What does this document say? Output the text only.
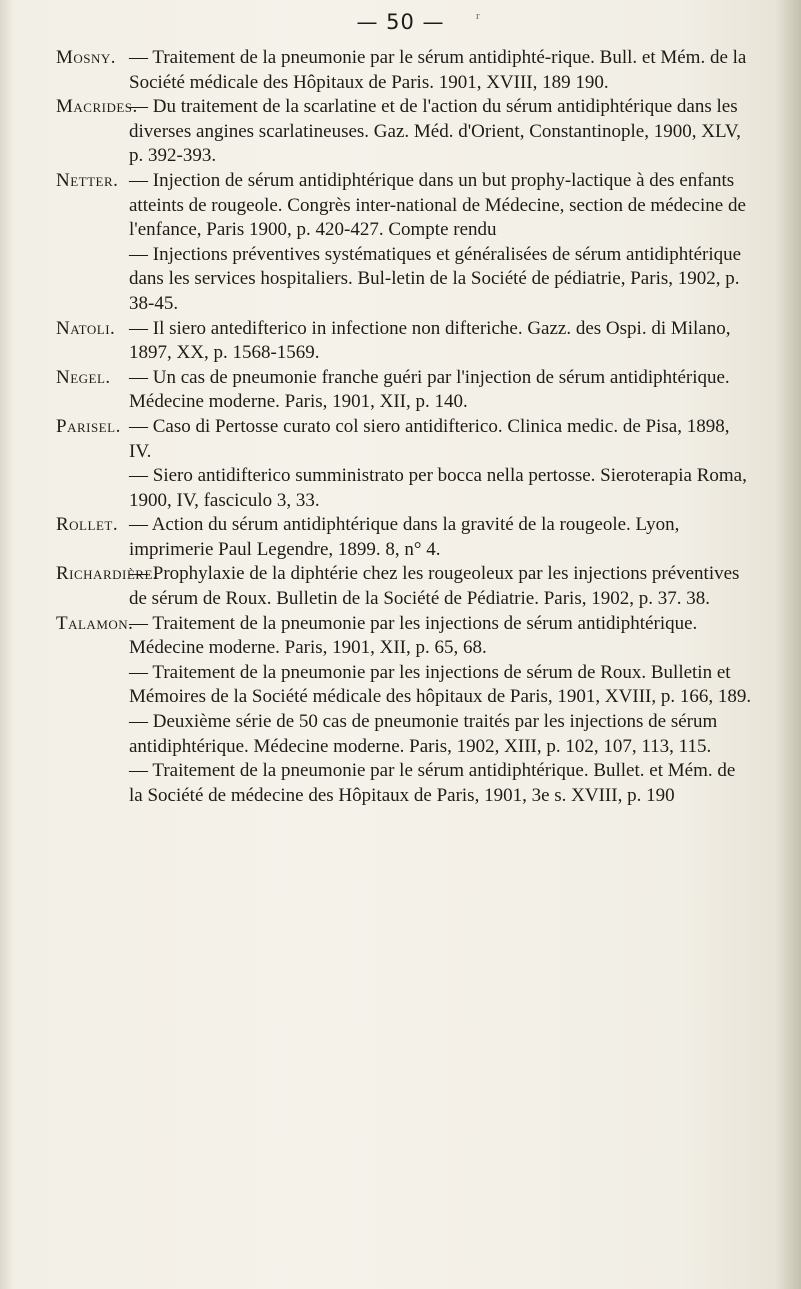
r
— 50 —

Mosny. — Traitement de la pneumonie par le sérum antidiphté-rique. Bull. et Mém. de la Société médicale des Hôpitaux de Paris. 1901, XVIII, 189 190.

Macrides.
— Du traitement de la scarlatine et de l'action du sérum antidiphtérique dans les diverses angines scarlatineuses. Gaz. Méd. d'Orient, Constantinople, 1900, XLV, p. 392-393.

Netter. — Injection de sérum antidiphtérique dans un but prophy-lactique à des enfants atteints de rougeole. Congrès inter-national de Médecine, section de médecine de l'enfance, Paris 1900, p. 420-427. Compte rendu

— Injections préventives systématiques et généralisées de sérum antidiphtérique dans les services hospitaliers. Bul-letin de la Société de pédiatrie, Paris, 1902, p. 38-45.

Natoli. — Il siero antedifterico in infectione non difteriche. Gazz. des Ospi. di Milano, 1897, XX, p. 1568-1569.

Negel. — Un cas de pneumonie franche guéri par l'injection de sérum antidiphtérique. Médecine moderne. Paris, 1901, XII, p. 140.

Parisel. — Caso di Pertosse curato col siero antidifterico. Clinica medic. de Pisa, 1898, IV.

— Siero antidifterico sumministrato per bocca nella pertosse. Sieroterapia Roma, 1900, IV, fasciculo 3, 33.

Rollet. — Action du sérum antidiphtérique dans la gravité de la rougeole. Lyon, imprimerie Paul Legendre, 1899. 8, n° 4.

Richardière.
— Prophylaxie de la diphtérie chez les rougeoleux par les injections préventives de sérum de Roux. Bulletin de la Société de Pédiatrie. Paris, 1902, p. 37. 38.

Talamon.
— Traitement de la pneumonie par les injections de sérum antidiphtérique. Médecine moderne. Paris, 1901, XII, p. 65, 68.

— Traitement de la pneumonie par les injections de sérum de Roux. Bulletin et Mémoires de la Société médicale des hôpitaux de Paris, 1901, XVIII, p. 166, 189.

— Deuxième série de 50 cas de pneumonie traités par les injections de sérum antidiphtérique. Médecine moderne. Paris, 1902, XIII, p. 102, 107, 113, 115.

— Traitement de la pneumonie par le sérum antidiphtérique. Bullet. et Mém. de la Société de médecine des Hôpitaux de Paris, 1901, 3e s. XVIII, p. 190
